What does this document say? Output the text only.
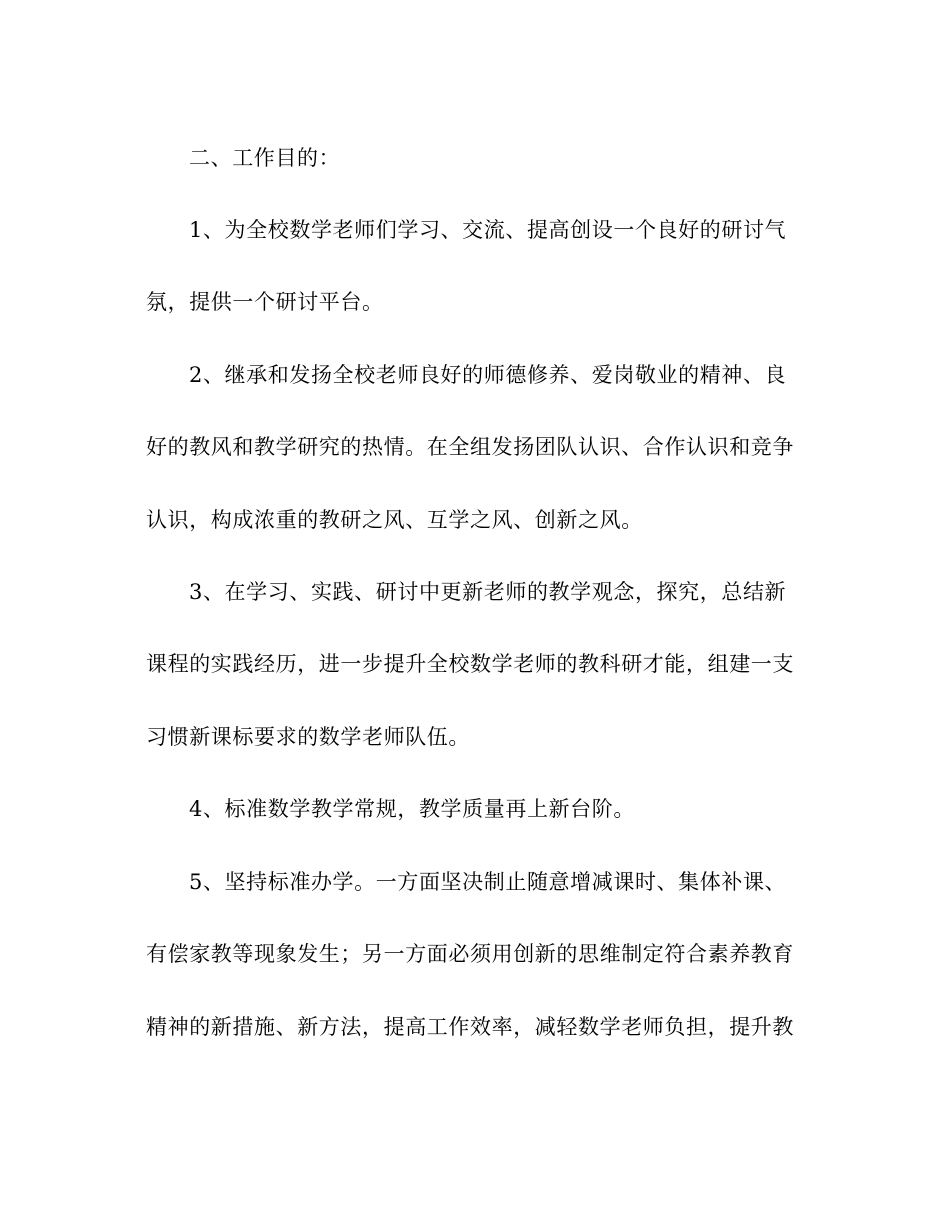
二、工作目的：
1、为全校数学老师们学习、交流、提高创设一个良好的研讨气
氛，提供一个研讨平台。
2、继承和发扬全校老师良好的师德修养、爱岗敬业的精神、良
好的教风和教学研究的热情。在全组发扬团队认识、合作认识和竞争
认识，构成浓重的教研之风、互学之风、创新之风。
3、在学习、实践、研讨中更新老师的教学观念，探究，总结新
课程的实践经历，进一步提升全校数学老师的教科研才能，组建一支
习惯新课标要求的数学老师队伍。
4、标准数学教学常规，教学质量再上新台阶。
5、坚持标准办学。一方面坚决制止随意增减课时、集体补课、
有偿家教等现象发生；另一方面必须用创新的思维制定符合素养教育
精神的新措施、新方法，提高工作效率，减轻数学老师负担，提升教
